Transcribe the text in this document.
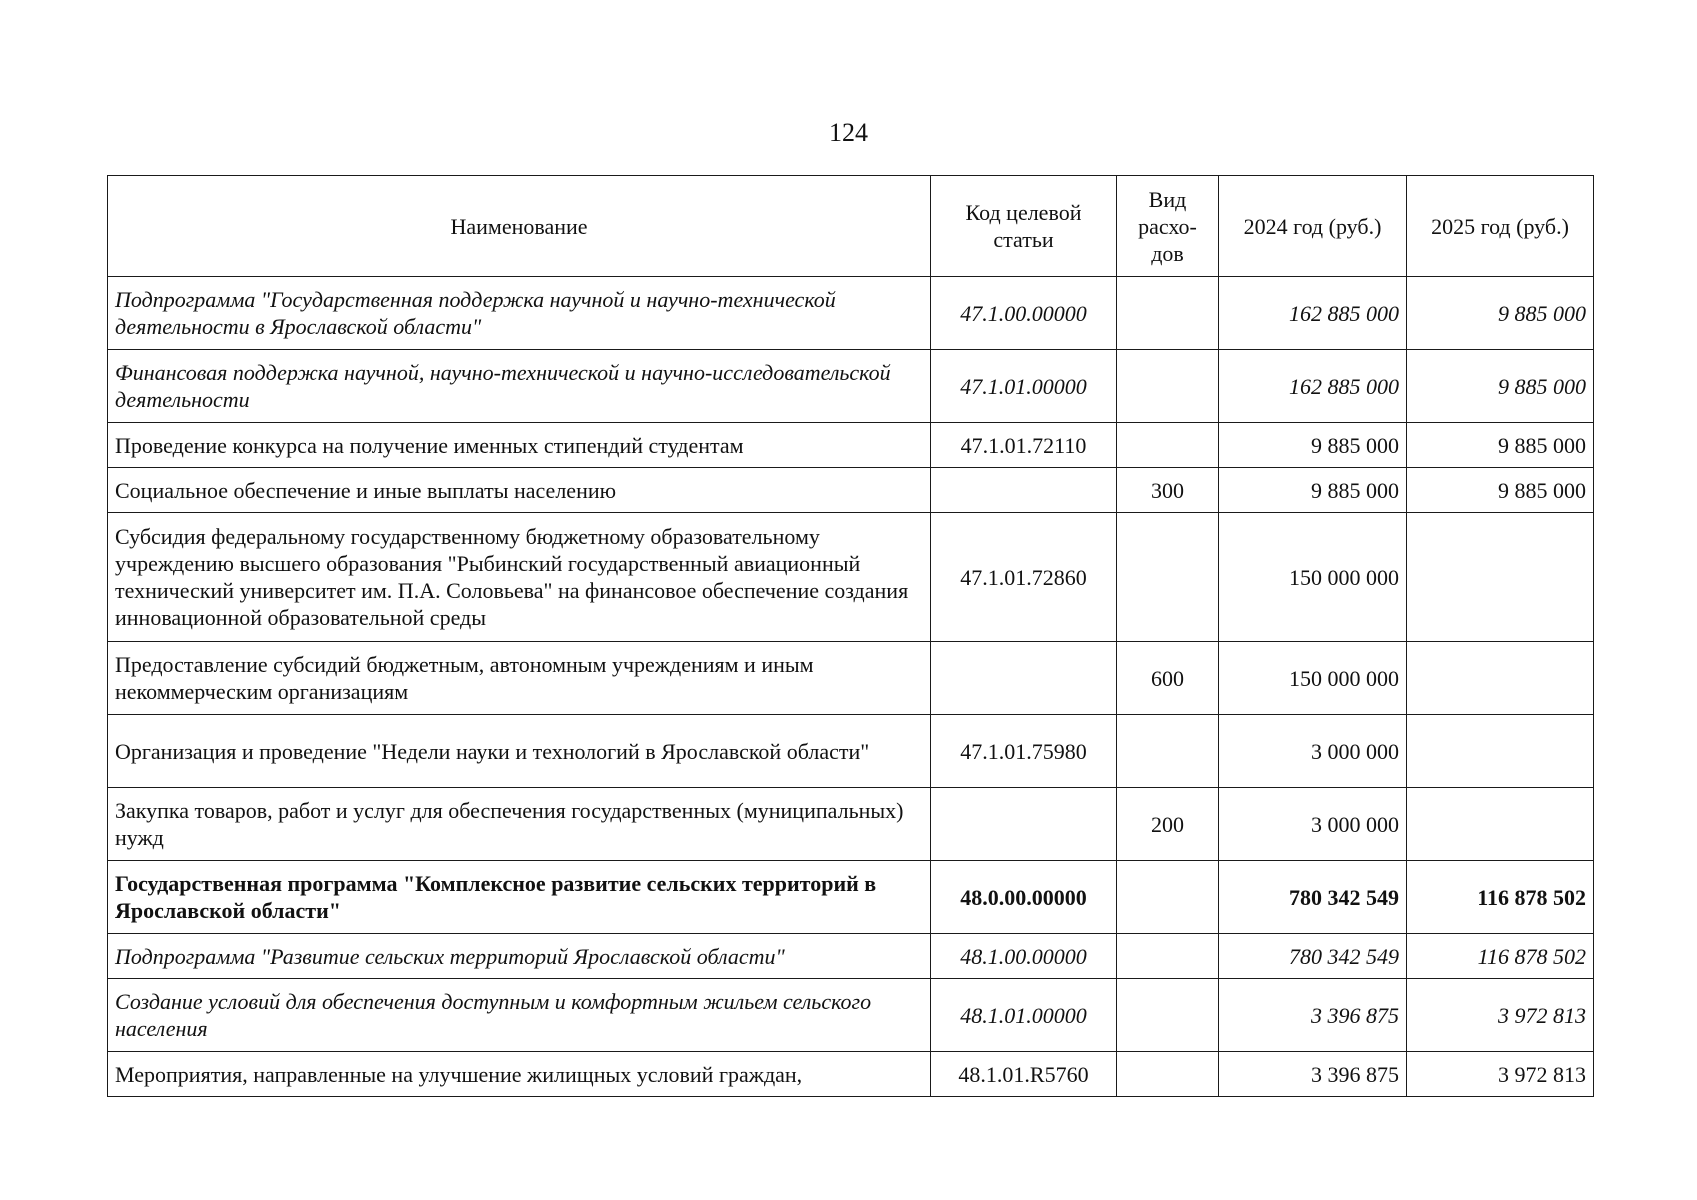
124
Наименование	Код целевой статьи	Вид расхо-дов	2024 год (руб.)	2025 год (руб.)
Подпрограмма "Государственная поддержка научной и научно-технической деятельности в Ярославской области"	47.1.00.00000		162 885 000	9 885 000
Финансовая поддержка научной, научно-технической и научно-исследовательской деятельности	47.1.01.00000		162 885 000	9 885 000
Проведение конкурса на получение именных стипендий студентам	47.1.01.72110		9 885 000	9 885 000
Социальное обеспечение и иные выплаты населению		300	9 885 000	9 885 000
Субсидия федеральному государственному бюджетному образовательному учреждению высшего образования "Рыбинский государственный авиационный технический университет им. П.А. Соловьева" на финансовое обеспечение создания инновационной образовательной среды	47.1.01.72860		150 000 000	
Предоставление субсидий бюджетным, автономным учреждениям и иным некоммерческим организациям		600	150 000 000	
Организация и проведение "Недели науки и технологий в Ярославской области"	47.1.01.75980		3 000 000	
Закупка товаров, работ и услуг для обеспечения государственных (муниципальных) нужд		200	3 000 000	
Государственная программа "Комплексное развитие сельских территорий в Ярославской области"	48.0.00.00000		780 342 549	116 878 502
Подпрограмма "Развитие сельских территорий Ярославской области"	48.1.00.00000		780 342 549	116 878 502
Создание условий для обеспечения доступным и комфортным жильем сельского населения	48.1.01.00000		3 396 875	3 972 813
Мероприятия, направленные на улучшение жилищных условий граждан,	48.1.01.R5760		3 396 875	3 972 813
